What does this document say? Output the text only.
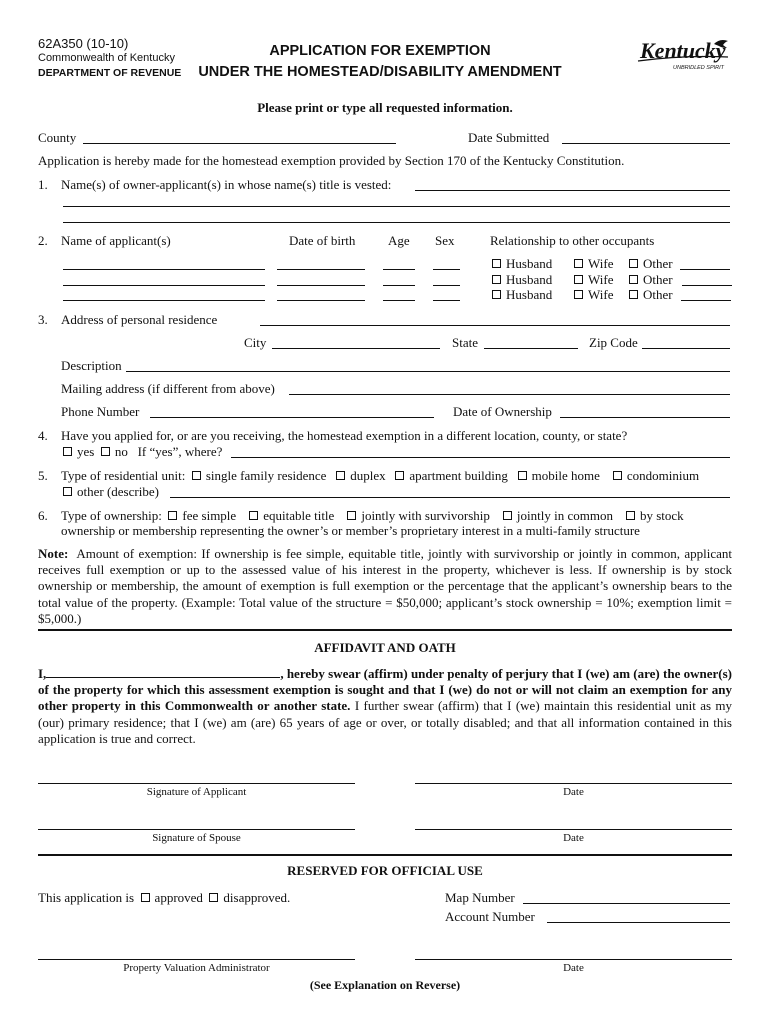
62A350 (10-10)
Commonwealth of Kentucky
DEPARTMENT OF REVENUE
APPLICATION FOR EXEMPTION
UNDER THE HOMESTEAD/DISABILITY AMENDMENT
Kentucky
UNBRIDLED SPIRIT
Please print or type all requested information.
County	Date Submitted
Application is hereby made for the homestead exemption provided by Section 170 of the Kentucky Constitution.
1. Name(s) of owner-applicant(s) in whose name(s) title is vested:
2. Name of applicant(s)	Date of birth	Age Sex	Relationship to other occupants
Husband	Wife	Other
Husband	Wife	Other
Husband	Wife	Other
3. Address of personal residence
City	State	Zip Code
Description
Mailing address (if different from above)
Phone Number	Date of Ownership
4. Have you applied for, or are you receiving, the homestead exemption in a different location, county, or state?
yes no If “yes”, where?
5. Type of residential unit: single family residence duplex apartment building mobile home condominium
other (describe)
6. Type of ownership: fee simple equitable title jointly with survivorship jointly in common by stock
ownership or membership representing the owner’s or member’s proprietary interest in a multi-family structure
Note: Amount of exemption: If ownership is fee simple, equitable title, jointly with survivorship or jointly in common, applicant receives full exemption or up to the assessed value of his interest in the property, whichever is less. If ownership is by stock ownership or membership, the amount of exemption is full exemption or the percentage that the applicant’s ownership bears to the total value of the property. (Example: Total value of the structure = $50,000; applicant’s stock ownership = 10%; exemption limit = $5,000.)
AFFIDAVIT AND OATH
I,	, hereby swear (affirm) under penalty of perjury that I (we) am (are) the owner(s) of the property for which this assessment exemption is sought and that I (we) do not or will not claim an exemption for any other property in this Commonwealth or another state. I further swear (affirm) that I (we) maintain this residential unit as my (our) primary residence; that I (we) am (are) 65 years of age or over, or totally disabled; and that all information contained in this application is true and correct.
Signature of Applicant	Date
Signature of Spouse	Date
RESERVED FOR OFFICIAL USE
This application is approved disapproved.	Map Number
Account Number
Property Valuation Administrator	Date
(See Explanation on Reverse)
